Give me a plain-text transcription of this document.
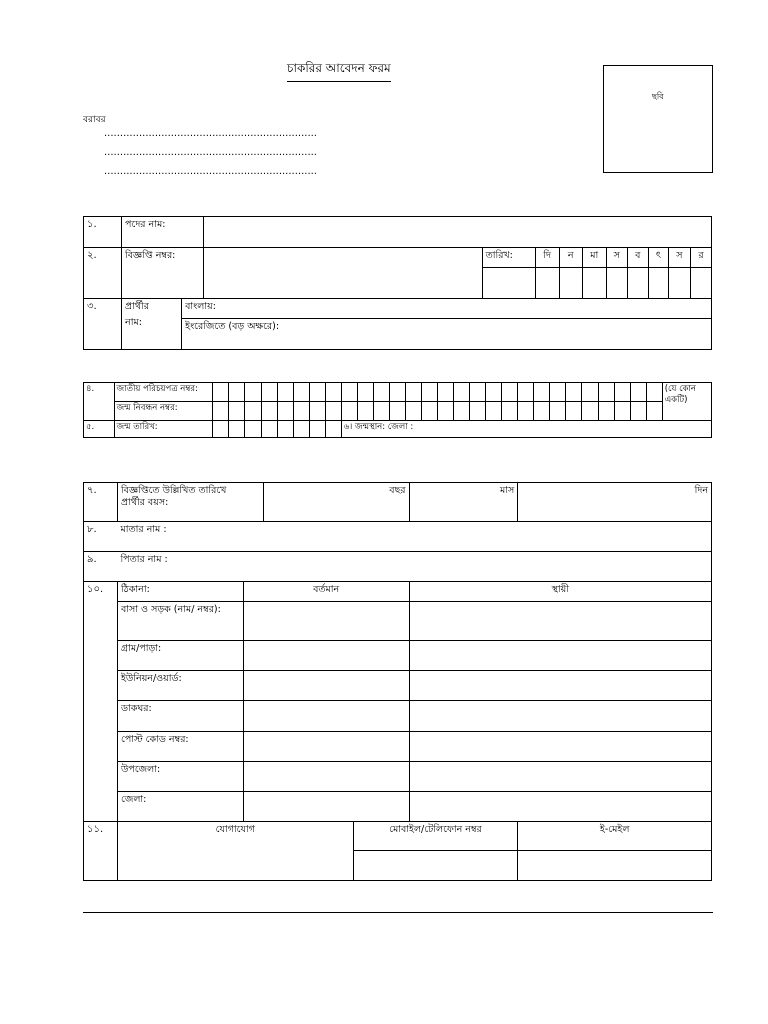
চাকরির আবেদন ফরম
ছবি
বরাবর
...................................................................
...................................................................
...................................................................
১.	পদের নাম:											
২.	বিজ্ঞপ্তি নম্বর:			তারিখ:	দি	ন	মা	স	ব	ৎ	স	র

৩.	প্রার্থীর
নাম:	বাংলায়:										
		ইংরেজিতে (বড় অক্ষরে):										
৪.	জাতীয় পরিচয়পত্র নম্বর:																													(যে কোন
একটি)

	জন্ম নিবন্ধন নম্বর:																													
৫.	জন্ম তারিখ:									৬। জন্মস্থান: জেলা :																				
৭.	বিজ্ঞপ্তিতে উল্লিখিত তারিখে
প্রার্থীর বয়স:		বছর		মাস	দিন
৮.	মাতার নাম :					
৯.	পিতার নাম :					
১০.	ঠিকানা:	বর্তমান			স্থায়ী	
	বাসা ও সড়ক (নাম/ নম্বর):					
	গ্রাম/পাড়া:					
	ইউনিয়ন/ওয়ার্ড:					
	ডাকঘর:					
	পোস্ট কোড নম্বর:					
	উপজেলা:					
	জেলা:					
১১.	যোগাযোগ			মোবাইল/টেলিফোন নম্বর		ই-মেইল
